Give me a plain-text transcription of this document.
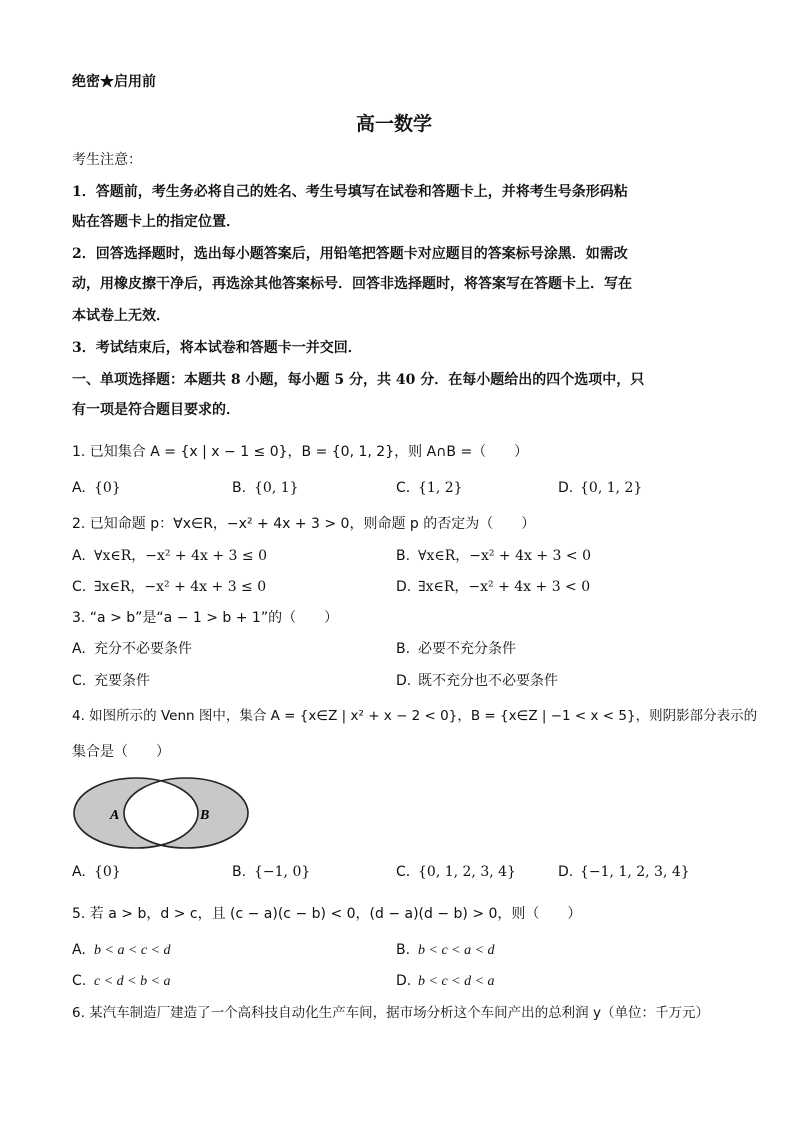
绝密★启用前
高一数学
考生注意：
1．答题前，考生务必将自己的姓名、考生号填写在试卷和答题卡上，并将考生号条形码粘
贴在答题卡上的指定位置．
2．回答选择题时，选出每小题答案后，用铅笔把答题卡对应题目的答案标号涂黑．如需改
动，用橡皮擦干净后，再选涂其他答案标号．回答非选择题时，将答案写在答题卡上．写在
本试卷上无效．
3．考试结束后，将本试卷和答题卡一并交回．
一、单项选择题：本题共 8 小题，每小题 5 分，共 40 分．在每小题给出的四个选项中，只
有一项是符合题目要求的．
1. 已知集合 A = {x | x − 1 ≤ 0}，B = {0, 1, 2}，则 A∩B =（　　）
A. {0}	B. {0, 1}	C. {1, 2}	D. {0, 1, 2}
2. 已知命题 p：∀x∈R，−x² + 4x + 3 > 0，则命题 p 的否定为（　　）
A. ∀x∈R，−x² + 4x + 3 ≤ 0	B. ∀x∈R，−x² + 4x + 3 < 0
C. ∃x∈R，−x² + 4x + 3 ≤ 0	D. ∃x∈R，−x² + 4x + 3 < 0
3. “a > b”是“a − 1 > b + 1”的（　　）
A. 充分不必要条件	B. 必要不充分条件
C. 充要条件	D. 既不充分也不必要条件
4. 如图所示的 Venn 图中，集合 A = {x∈Z | x² + x − 2 < 0}，B = {x∈Z | −1 < x < 5}，则阴影部分表示的
集合是（　　）
A	B
A. {0}	B. {−1, 0}	C. {0, 1, 2, 3, 4}	D. {−1, 1, 2, 3, 4}
5. 若 a > b，d > c，且 (c − a)(c − b) < 0，(d − a)(d − b) > 0，则（　　）
A. b < a < c < d	B. b < c < a < d
C. c < d < b < a	D. b < c < d < a
6. 某汽车制造厂建造了一个高科技自动化生产车间，据市场分析这个车间产出的总利润 y（单位：千万元）
